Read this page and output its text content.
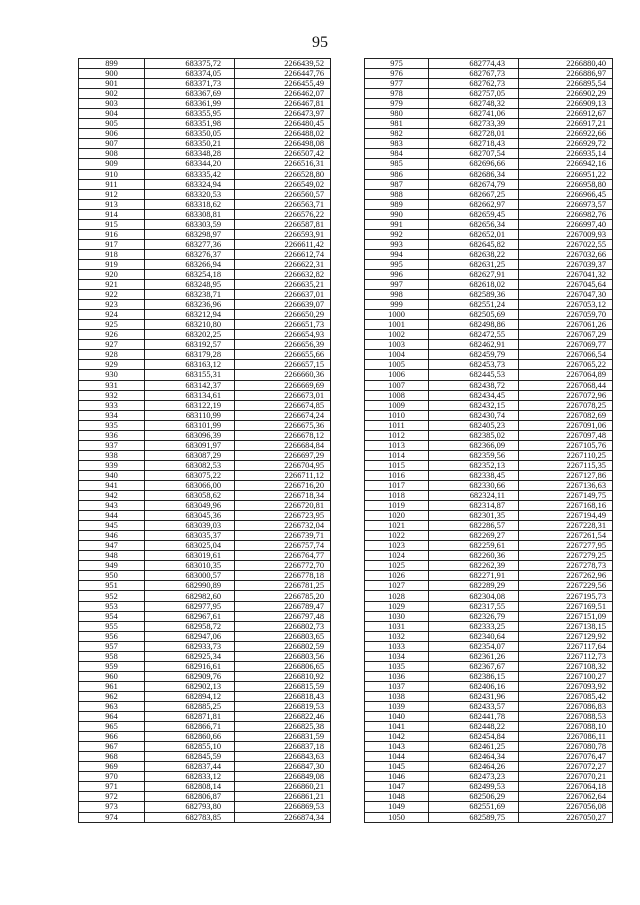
95
899	683375,72	2266439,52
900	683374,05	2266447,76
901	683371,73	2266455,49
902	683367,69	2266462,07
903	683361,99	2266467,81
904	683355,95	2266473,97
905	683351,98	2266480,45
906	683350,05	2266488,02
907	683350,21	2266498,08
908	683348,28	2266507,42
909	683344,20	2266516,31
910	683335,42	2266528,80
911	683324,94	2266549,02
912	683320,53	2266560,57
913	683318,62	2266563,71
914	683308,81	2266576,22
915	683303,59	2266587,81
916	683298,97	2266593,91
917	683277,36	2266611,42
918	683276,37	2266612,74
919	683266,94	2266622,31
920	683254,18	2266632,82
921	683248,95	2266635,21
922	683238,71	2266637,01
923	683236,96	2266639,07
924	683212,94	2266650,29
925	683210,80	2266651,73
926	683202,25	2266654,93
927	683192,57	2266656,39
928	683179,28	2266655,66
929	683163,12	2266657,15
930	683155,31	2266660,36
931	683142,37	2266669,69
932	683134,61	2266673,01
933	683122,19	2266674,85
934	683110,99	2266674,24
935	683101,99	2266675,36
936	683096,39	2266678,12
937	683091,97	2266684,84
938	683087,29	2266697,29
939	683082,53	2266704,95
940	683075,22	2266711,12
941	683066,00	2266716,20
942	683058,62	2266718,34
943	683049,96	2266720,81
944	683045,36	2266723,95
945	683039,03	2266732,04
946	683035,37	2266739,71
947	683025,04	2266757,74
948	683019,61	2266764,77
949	683010,35	2266772,70
950	683000,57	2266778,18
951	682990,89	2266781,25
952	682982,60	2266785,20
953	682977,95	2266789,47
954	682967,61	2266797,48
955	682958,72	2266802,73
956	682947,06	2266803,65
957	682933,73	2266802,59
958	682925,34	2266803,56
959	682916,61	2266806,65
960	682909,76	2266810,92
961	682902,13	2266815,59
962	682894,12	2266818,43
963	682885,25	2266819,53
964	682871,81	2266822,46
965	682866,71	2266825,38
966	682860,66	2266831,59
967	682855,10	2266837,18
968	682845,59	2266843,63
969	682837,44	2266847,30
970	682833,12	2266849,08
971	682808,14	2266860,21
972	682806,87	2266861,21
973	682793,80	2266869,53
974	682783,85	2266874,34
975	682774,43	2266880,40
976	682767,73	2266886,97
977	682762,73	2266895,54
978	682757,05	2266902,29
979	682748,32	2266909,13
980	682741,06	2266912,67
981	682733,39	2266917,21
982	682728,01	2266922,66
983	682718,43	2266929,72
984	682707,54	2266935,14
985	682696,66	2266942,16
986	682686,34	2266951,22
987	682674,79	2266958,80
988	682667,25	2266966,45
989	682662,97	2266973,57
990	682659,45	2266982,76
991	682656,34	2266997,40
992	682652,01	2267009,93
993	682645,82	2267022,55
994	682638,22	2267032,66
995	682631,25	2267039,37
996	682627,91	2267041,32
997	682618,02	2267045,64
998	682589,36	2267047,30
999	682551,24	2267053,12
1000	682505,69	2267059,70
1001	682498,86	2267061,26
1002	682472,55	2267067,29
1003	682462,91	2267069,77
1004	682459,79	2267066,54
1005	682453,73	2267065,22
1006	682445,53	2267064,89
1007	682438,72	2267068,44
1008	682434,45	2267072,96
1009	682432,15	2267078,25
1010	682430,74	2267082,69
1011	682405,23	2267091,06
1012	682385,02	2267097,48
1013	682366,09	2267105,76
1014	682359,56	2267110,25
1015	682352,13	2267115,35
1016	682338,45	2267127,86
1017	682330,66	2267136,63
1018	682324,11	2267149,75
1019	682314,87	2267168,16
1020	682301,35	2267194,49
1021	682286,57	2267228,31
1022	682269,27	2267261,54
1023	682259,61	2267277,95
1024	682260,36	2267279,25
1025	682262,39	2267278,73
1026	682271,91	2267262,96
1027	682289,29	2267229,56
1028	682304,08	2267195,73
1029	682317,55	2267169,51
1030	682326,79	2267151,09
1031	682333,25	2267138,15
1032	682340,64	2267129,92
1033	682354,07	2267117,64
1034	682361,26	2267112,73
1035	682367,67	2267108,32
1036	682386,15	2267100,27
1037	682406,16	2267093,92
1038	682431,96	2267085,42
1039	682433,57	2267086,83
1040	682441,78	2267088,53
1041	682448,22	2267088,10
1042	682454,84	2267086,11
1043	682461,25	2267080,78
1044	682464,34	2267076,47
1045	682464,26	2267072,27
1046	682473,23	2267070,21
1047	682499,53	2267064,18
1048	682506,29	2267062,64
1049	682551,69	2267056,08
1050	682589,75	2267050,27
